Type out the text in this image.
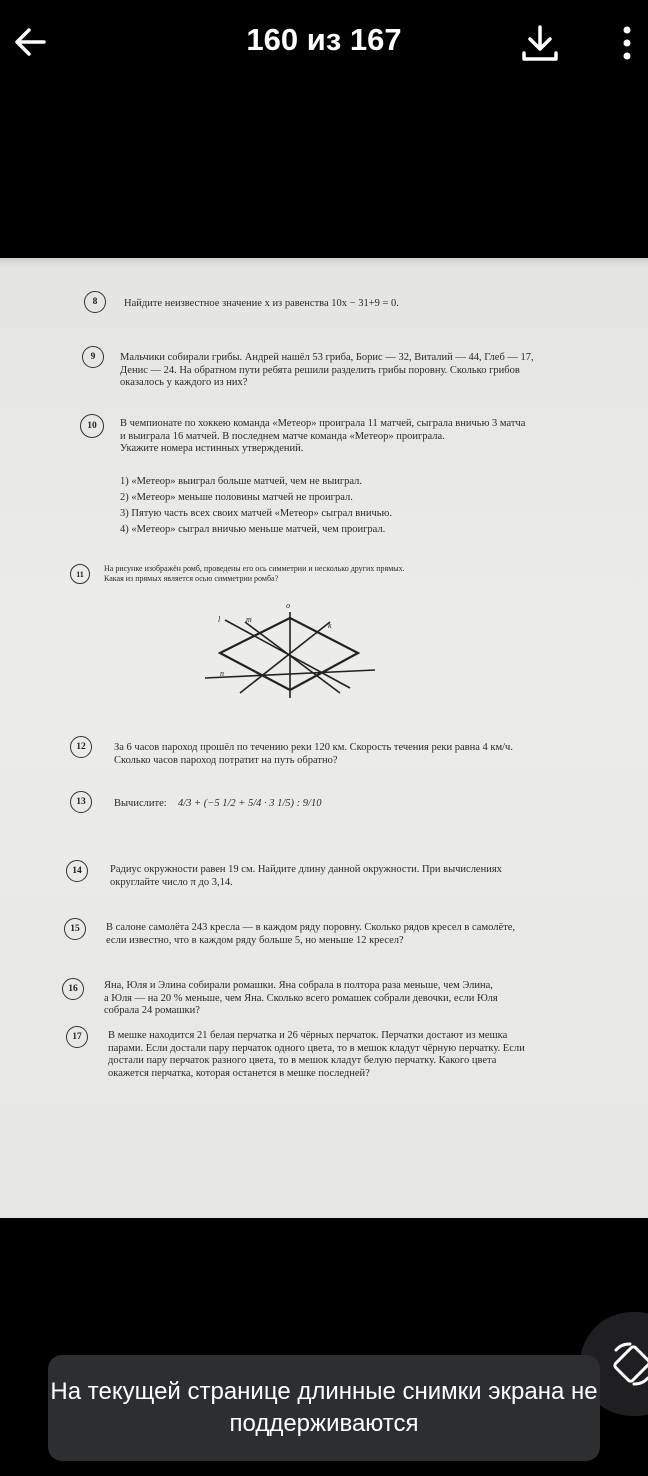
160 из 167
8	Найдите неизвестное значение x из равенства 10x − 31+9 = 0.
9	Мальчики собирали грибы. Андрей нашёл 53 гриба, Борис — 32, Виталий — 44, Глеб — 17,
Денис — 24. На обратном пути ребята решили разделить грибы поровну. Сколько грибов
оказалось у каждого из них?
10	В чемпионате по хоккею команда «Метеор» проиграла 11 матчей, сыграла вничью 3 матча
и выиграла 16 матчей. В последнем матче команда «Метеор» проиграла.
Укажите номера истинных утверждений.
1) «Метеор» выиграл больше матчей, чем не выиграл.
2) «Метеор» меньше половины матчей не проиграл.
3) Пятую часть всех своих матчей «Метеор» сыграл вничью.
4) «Метеор» сыграл вничью меньше матчей, чем проиграл.
11
На рисунке изображён ромб, проведены его ось симметрии и несколько других прямых.
Какая из прямых является осью симметрии ромба?
o
l	m
k
n
12	За 6 часов пароход прошёл по течению реки 120 км. Скорость течения реки равна 4 км/ч.
Сколько часов пароход потратит на путь обратно?
13	Вычислите:	4/3 + (−5 1/2 + 5/4 · 3 1/5) : 9/10
14	Радиус окружности равен 19 см. Найдите длину данной окружности. При вычислениях
округлайте число π до 3,14.
15	В салоне самолёта 243 кресла — в каждом ряду поровну. Сколько рядов кресел в самолёте,
если известно, что в каждом ряду больше 5, но меньше 12 кресел?
16	Яна, Юля и Элина собирали ромашки. Яна собрала в полтора раза меньше, чем Элина,
а Юля — на 20 % меньше, чем Яна. Сколько всего ромашек собрали девочки, если Юля
собрала 24 ромашки?
17	В мешке находится 21 белая перчатка и 26 чёрных перчаток. Перчатки достают из мешка
парами. Если достали пару перчаток одного цвета, то в мешок кладут чёрную перчатку. Если
достали пару перчаток разного цвета, то в мешок кладут белую перчатку. Какого цвета
окажется перчатка, которая останется в мешке последней?
На текущей странице длинные снимки экрана не поддерживаются
